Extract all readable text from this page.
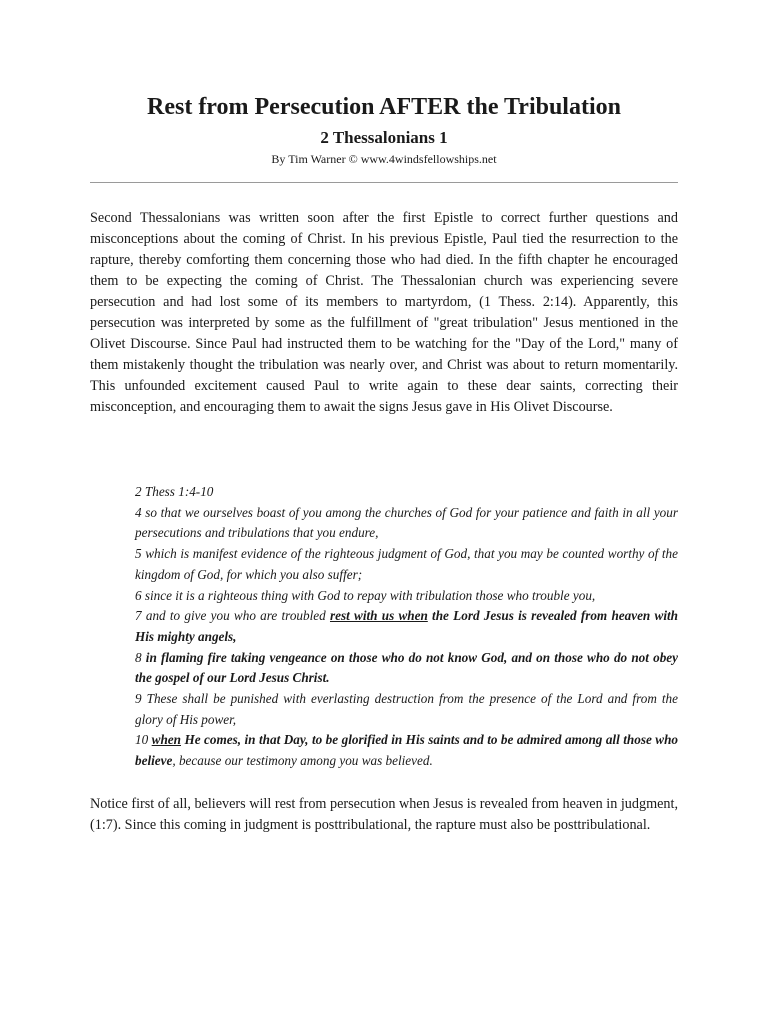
Rest from Persecution AFTER the Tribulation
2 Thessalonians 1
By Tim Warner © www.4windsfellowships.net

Second Thessalonians was written soon after the first Epistle to correct further questions and misconceptions about the coming of Christ. In his previous Epistle, Paul tied the resurrection to the rapture, thereby comforting them concerning those who had died. In the fifth chapter he encouraged them to be expecting the coming of Christ. The Thessalonian church was experiencing severe persecution and had lost some of its members to martyrdom, (1 Thess. 2:14). Apparently, this persecution was interpreted by some as the fulfillment of "great tribulation" Jesus mentioned in the Olivet Discourse. Since Paul had instructed them to be watching for the "Day of the Lord," many of them mistakenly thought the tribulation was nearly over, and Christ was about to return momentarily. This unfounded excitement caused Paul to write again to these dear saints, correcting their misconception, and encouraging them to await the signs Jesus gave in His Olivet Discourse.

2 Thess 1:4-10
4 so that we ourselves boast of you among the churches of God for your patience and faith in all your persecutions and tribulations that you endure,
5 which is manifest evidence of the righteous judgment of God, that you may be counted worthy of the kingdom of God, for which you also suffer;
6 since it is a righteous thing with God to repay with tribulation those who trouble you,
7 and to give you who are troubled rest with us when the Lord Jesus is revealed from heaven with His mighty angels,
8 in flaming fire taking vengeance on those who do not know God, and on those who do not obey the gospel of our Lord Jesus Christ.
9 These shall be punished with everlasting destruction from the presence of the Lord and from the glory of His power,
10 when He comes, in that Day, to be glorified in His saints and to be admired among all those who believe, because our testimony among you was believed.

Notice first of all, believers will rest from persecution when Jesus is revealed from heaven in judgment, (1:7). Since this coming in judgment is posttribulational, the rapture must also be posttribulational.
